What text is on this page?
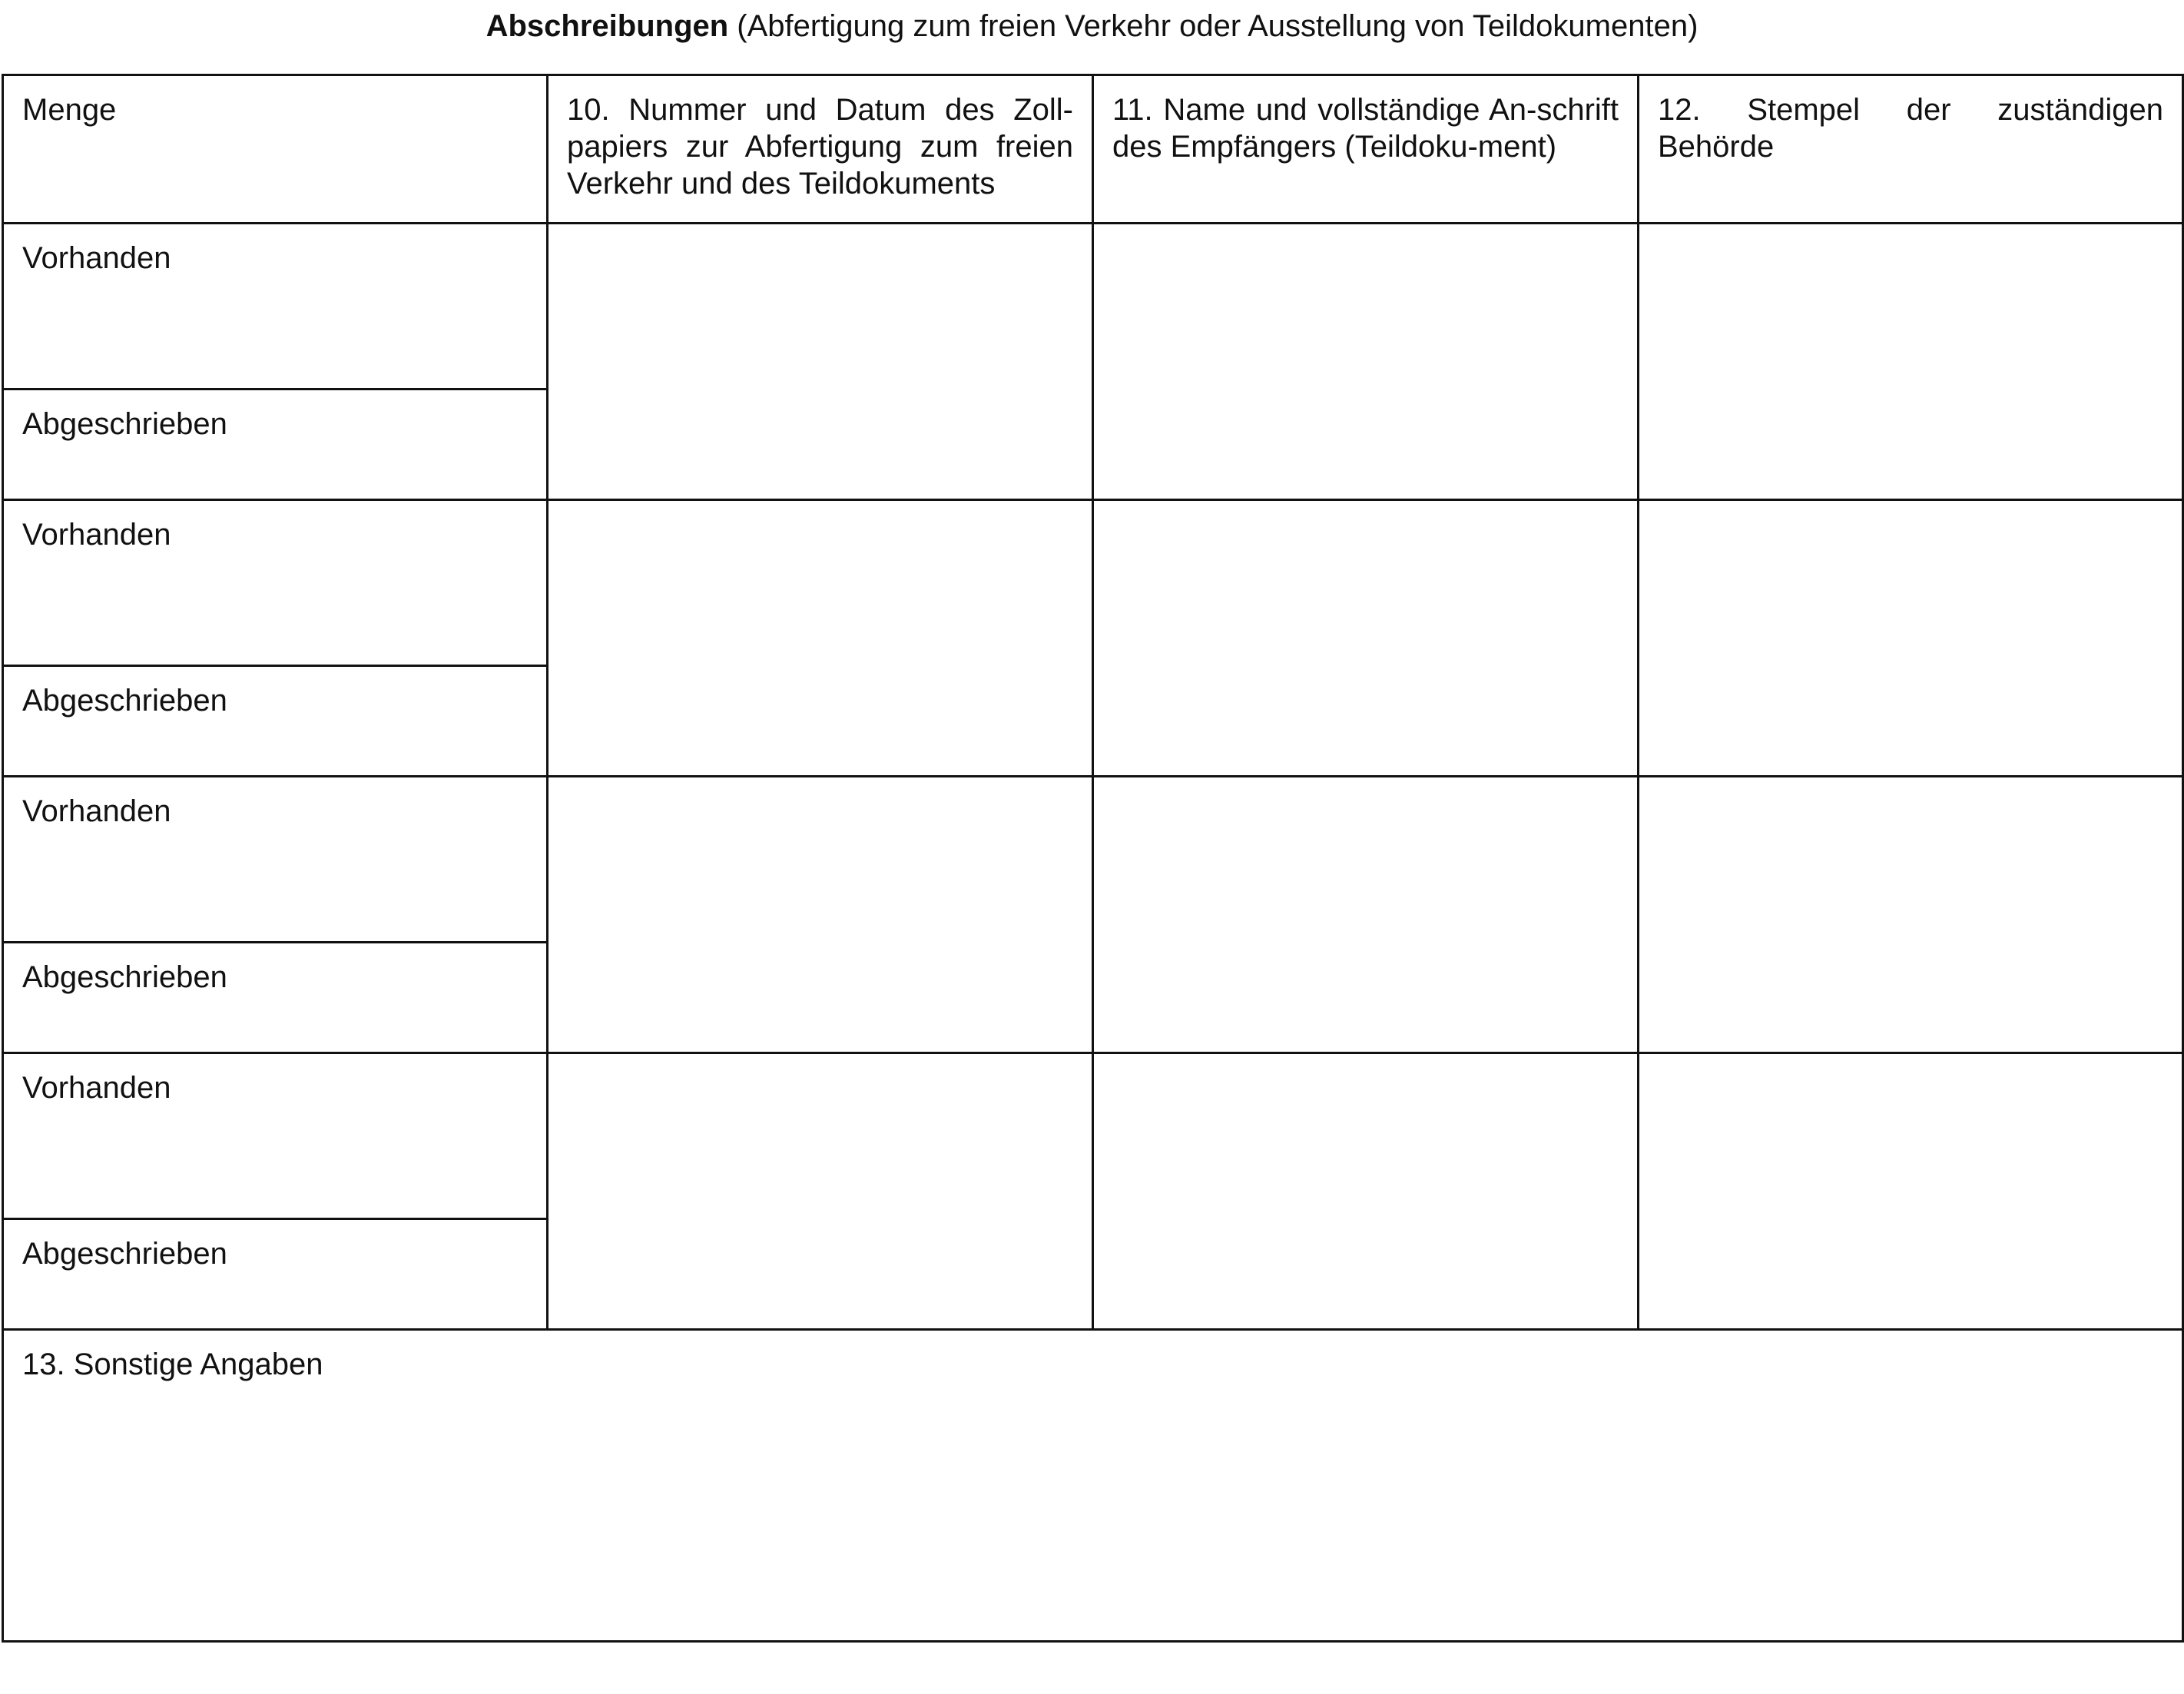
Abschreibungen (Abfertigung zum freien Verkehr oder Ausstellung von Teildokumenten)
Menge	10. Nummer und Datum des Zoll-papiers zur Abfertigung zum freien Verkehr und des Teildokuments	11. Name und vollständige An-schrift des Empfängers (Teildoku-ment)	12. Stempel der zuständigen Behörde

Vorhanden			
Abgeschrieben			
Vorhanden			
Abgeschrieben			
Vorhanden			
Abgeschrieben			
Vorhanden			
Abgeschrieben			
13. Sonstige Angaben			
